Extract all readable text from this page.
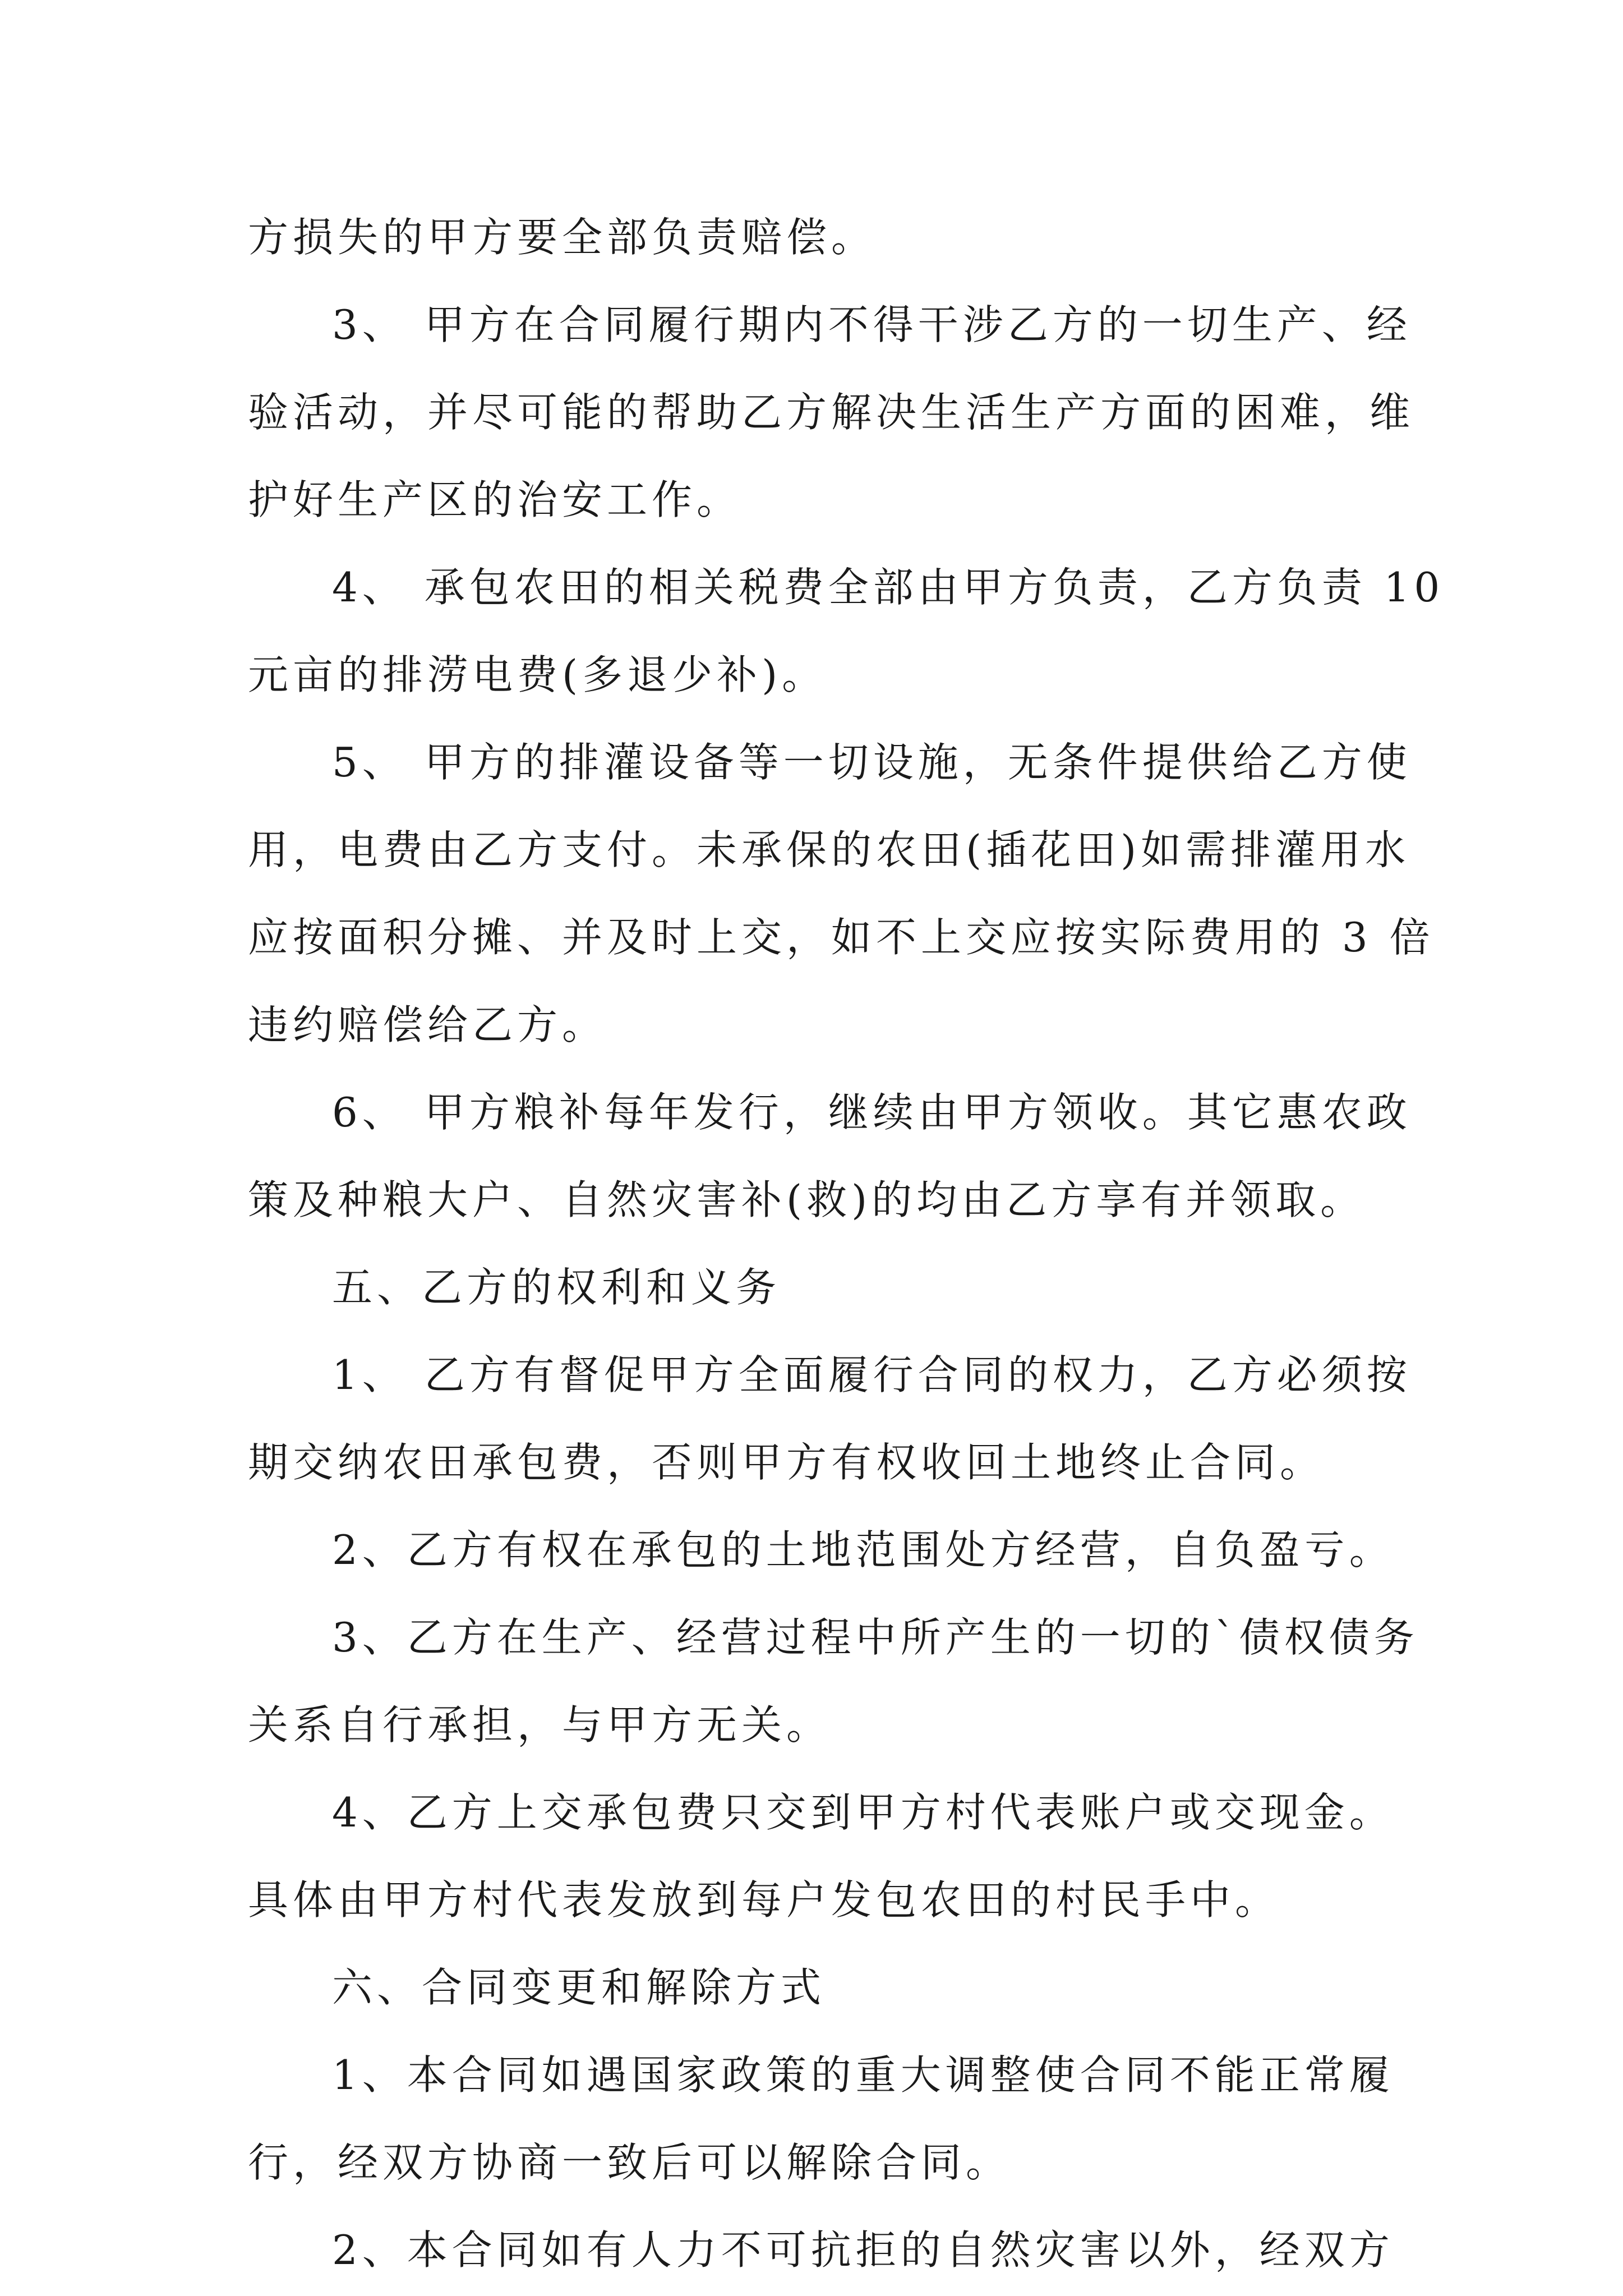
方损失的甲方要全部负责赔偿。
3、 甲方在合同履行期内不得干涉乙方的一切生产、经
验活动，并尽可能的帮助乙方解决生活生产方面的困难，维
护好生产区的治安工作。
4、 承包农田的相关税费全部由甲方负责，乙方负责 10
元亩的排涝电费(多退少补)。
5、 甲方的排灌设备等一切设施，无条件提供给乙方使
用，电费由乙方支付。未承保的农田(插花田)如需排灌用水
应按面积分摊、并及时上交，如不上交应按实际费用的 3 倍
违约赔偿给乙方。
6、 甲方粮补每年发行，继续由甲方领收。其它惠农政
策及种粮大户、自然灾害补(救)的均由乙方享有并领取。
五、乙方的权利和义务
1、 乙方有督促甲方全面履行合同的权力，乙方必须按
期交纳农田承包费，否则甲方有权收回土地终止合同。
2、乙方有权在承包的土地范围处方经营，自负盈亏。
3、乙方在生产、经营过程中所产生的一切的`债权债务
关系自行承担，与甲方无关。
4、乙方上交承包费只交到甲方村代表账户或交现金。
具体由甲方村代表发放到每户发包农田的村民手中。
六、合同变更和解除方式
1、本合同如遇国家政策的重大调整使合同不能正常履
行，经双方协商一致后可以解除合同。
2、本合同如有人力不可抗拒的自然灾害以外，经双方
